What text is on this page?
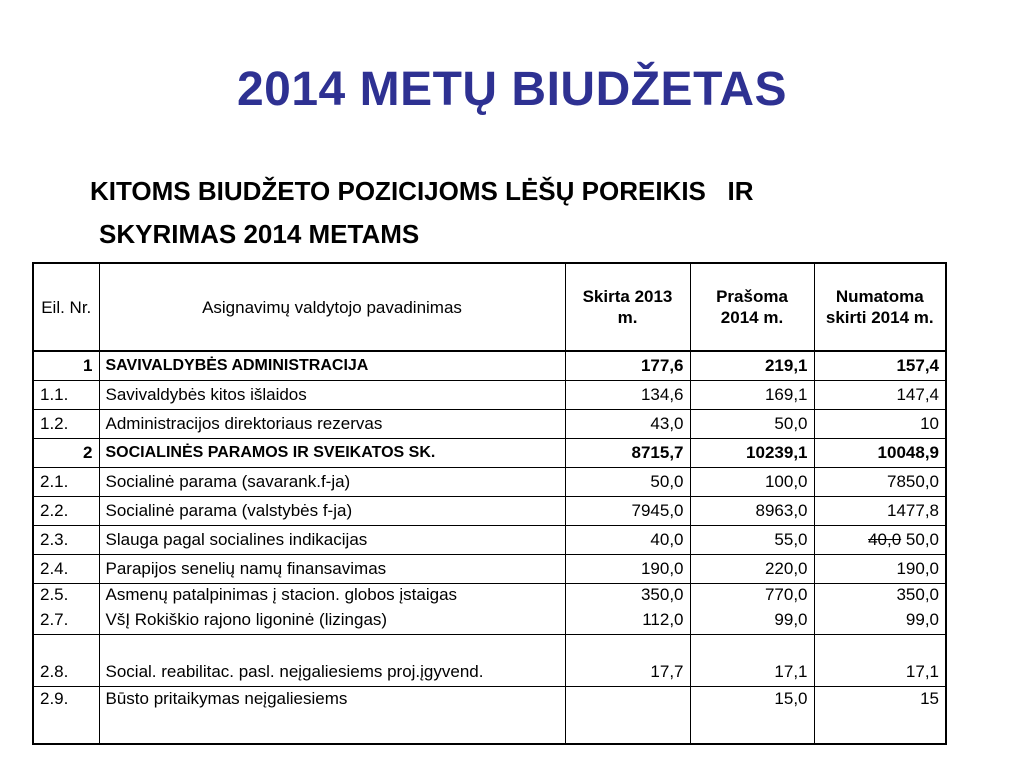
2014 METŲ BIUDŽETAS
KITOMS BIUDŽETO POZICIJOMS LĖŠŲ POREIKIS   IR
SKYRIMAS 2014 METAMS
Eil. Nr.	Asignavimų valdytojo pavadinimas	Skirta 2013 m.	Prašoma 2014 m.	Numatoma skirti 2014 m.
1	SAVIVALDYBĖS ADMINISTRACIJA	177,6	219,1	157,4
1.1.	Savivaldybės kitos išlaidos	134,6	169,1	147,4
1.2.	Administracijos direktoriaus rezervas	43,0	50,0	10
2	SOCIALINĖS PARAMOS IR SVEIKATOS SK.	8715,7	10239,1	10048,9
2.1.	Socialinė parama (savarank.f-ja)	50,0	100,0	7850,0
2.2.	Socialinė parama (valstybės f-ja)	7945,0	8963,0	1477,8
2.3.	Slauga pagal socialines indikacijas	40,0	55,0	40,0 50,0
2.4.	Parapijos senelių namų finansavimas	190,0	220,0	190,0
2.5.	Asmenų patalpinimas į stacion. globos įstaigas	350,0	770,0	350,0
2.7.	VšĮ Rokiškio rajono ligoninė (lizingas)	112,0	99,0	99,0
2.8.	Social. reabilitac. pasl. neįgaliesiems proj.įgyvend.	17,7	17,1	17,1
2.9.	Būsto pritaikymas neįgaliesiems		15,0	15
